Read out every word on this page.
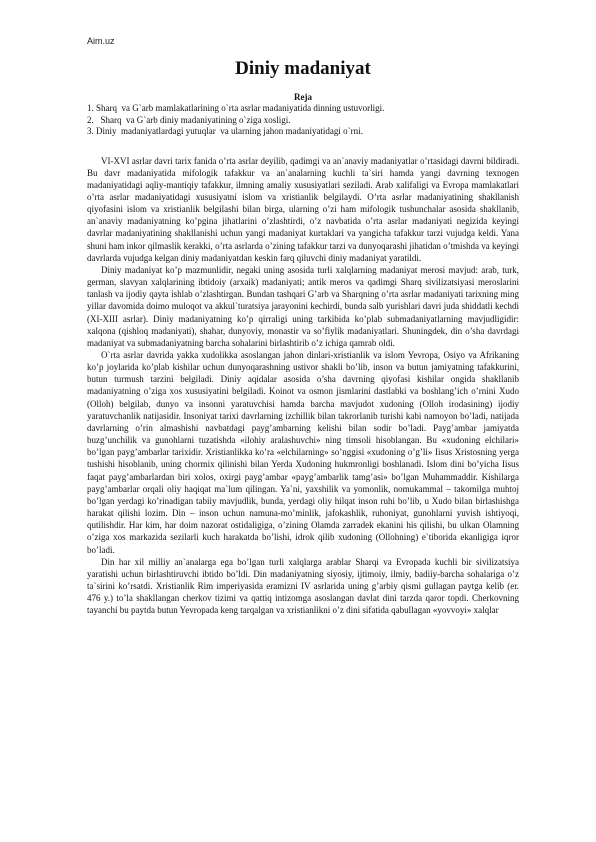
Aim.uz
Diniy madaniyat
Reja
1. Sharq  va G`arb mamlakatlarining o`rta asrlar madaniyatida dinning ustuvorligi.
2.   Sharq  va G`arb diniy madaniyatining o`ziga xosligi.
3. Diniy  madaniyatlardagi yutuqlar  va ularning jahon madaniyatidagi o`rni.

VI-XVI asrlar davri tarix fanida o’rta asrlar deyilib, qadimgi va an`anaviy madaniyatlar o’rtasidagi davrni bildiradi. Bu davr madaniyatida mifologik tafakkur va an`analarning kuchli ta`siri hamda yangi davrning texnogen madaniyatidagi aqliy-mantiqiy tafakkur, ilmning amaliy xususiyatlari seziladi. Arab xalifaligi va Evropa mamlakatlari o’rta asrlar madaniyatidagi xususiyatni islom va xristianlik belgilaydi. O’rta asrlar madaniyatining shakllanish qiyofasini islom va xristianlik belgilashi bilan birga, ularning o’zi ham mifologik tushunchalar asosida shakllanib, an`anaviy madaniyatning ko’pgina jihatlarini o’zlashtirdi, o’z navbatida o’rta asrlar madaniyati negizida keyingi davrlar madaniyatining shakllanishi uchun yangi madaniyat kurtaklari va yangicha tafakkur tarzi vujudga keldi. Yana shuni ham inkor qilmaslik kerakki, o’rta asrlarda o’zining tafakkur tarzi va dunyoqarashi jihatidan o’tmishda va keyingi davrlarda vujudga kelgan diniy madaniyatdan keskin farq qiluvchi diniy madaniyat yaratildi.

Diniy madaniyat ko’p mazmunlidir, negaki uning asosida turli xalqlarning madaniyat merosi mavjud: arab, turk, german, slavyan xalqlarining ibtidoiy (arxaik) madaniyati; antik meros va qadimgi Sharq sivilizatsiyasi meroslarini tanlash va ijodiy qayta ishlab o’zlashtirgan. Bundan tashqari G’arb va Sharqning o’rta asrlar madaniyati tarixning ming yillar davomida doimo muloqot va akkul`turatsiya jarayonini kechirdi, bunda salb yurishlari davri juda shiddatli kechdi (XI-XIII asrlar). Diniy madaniyatning ko’p qirraligi uning tarkibida ko’plab submadaniyatlarning mavjudligidir: xalqona (qishloq madaniyati), shahar, dunyoviy, monastir va so’fiylik madaniyatlari. Shuningdek, din o’sha davrdagi madaniyat va submadaniyatning barcha sohalarini birlashtirib o’z ichiga qamrab oldi.

O`rta asrlar davrida yakka xudolikka asoslangan jahon dinlari-xristianlik va islom Yevropa, Osiyo va Afrikaning ko’p joylarida ko’plab kishilar uchun dunyoqarashning ustivor shakli bo’lib, inson va butun jamiyatning tafakkurini, butun turmush tarzini belgiladi. Diniy aqidalar asosida o’sha davrning qiyofasi kishilar ongida shakllanib madaniyatning o’ziga xos xususiyatini belgiladi. Koinot va osmon jismlarini dastlabki va boshlang’ich o’rnini Xudo (Olloh) belgilab, dunyo va insonni yaratuvchisi hamda barcha mavjudot xudoning (Olloh irodasining) ijodiy yaratuvchanlik natijasidir. Insoniyat tarixi davrlarning izchillik bilan takrorlanib turishi kabi namoyon bo’ladi, natijada davrlarning o’rin almashishi navbatdagi payg’ambarning kelishi bilan sodir bo’ladi. Payg’ambar jamiyatda buzg’unchilik va gunohlarni tuzatishda «ilohiy aralashuvchi» ning timsoli hisoblangan. Bu «xudoning elchilari» bo’lgan payg’ambarlar tarixidir. Xristianlikka ko’ra «elchilarning» so’nggisi «xudoning o’g’li» Iisus Xristosning yerga tushishi hisoblanib, uning chormix qilinishi bilan Yerda Xudoning hukmronligi boshlanadi. Islom dini bo’yicha Iisus faqat payg’ambarlardan biri xolos, oxirgi payg’ambar «payg’ambarlik tamg’asi» bo’lgan Muhammaddir. Kishilarga payg’ambarlar orqali oliy haqiqat ma`lum qilingan. Ya`ni, yaxshilik va yomonlik, nomukammal – takomilga muhtoj bo’lgan yerdagi ko’rinadigan tabiiy mavjudlik, bunda, yerdagi oliy hilqat inson ruhi bo’lib, u Xudo bilan birlashishga harakat qilishi lozim. Din – inson uchun namuna-mo’minlik, jafokashlik, ruhoniyat, gunohlarni yuvish ishtiyoqi, qutilishdir. Har kim, har doim nazorat ostidaligiga, o’zining Olamda zarradek ekanini his qilishi, bu ulkan Olamning o’ziga xos markazida sezilarli kuch harakatda bo’lishi, idrok qilib xudoning (Ollohning) e`tiborida ekanligiga iqror bo’ladi.

Din har xil milliy an`analarga ega bo’lgan turli xalqlarga arablar Sharqi va Evropada kuchli bir sivilizatsiya yaratishi uchun birlashtiruvchi ibtido bo’ldi. Din madaniyatning siyosiy, ijtimoiy, ilmiy, badiiy-barcha sohalariga o’z ta`sirini ko’rsatdi. Xristianlik Rim imperiyasida eramizni IV asrlarida uning g’arbiy qismi gullagan paytga kelib (er. 476 y.) to’la shakllangan cherkov tizimi va qattiq intizomga asoslangan davlat dini tarzda qaror topdi. Cherkovning tayanchi bu paytda butun Yevropada keng tarqalgan va xristianlikni o’z dini sifatida qabullagan «yovvoyi» xalqlar
